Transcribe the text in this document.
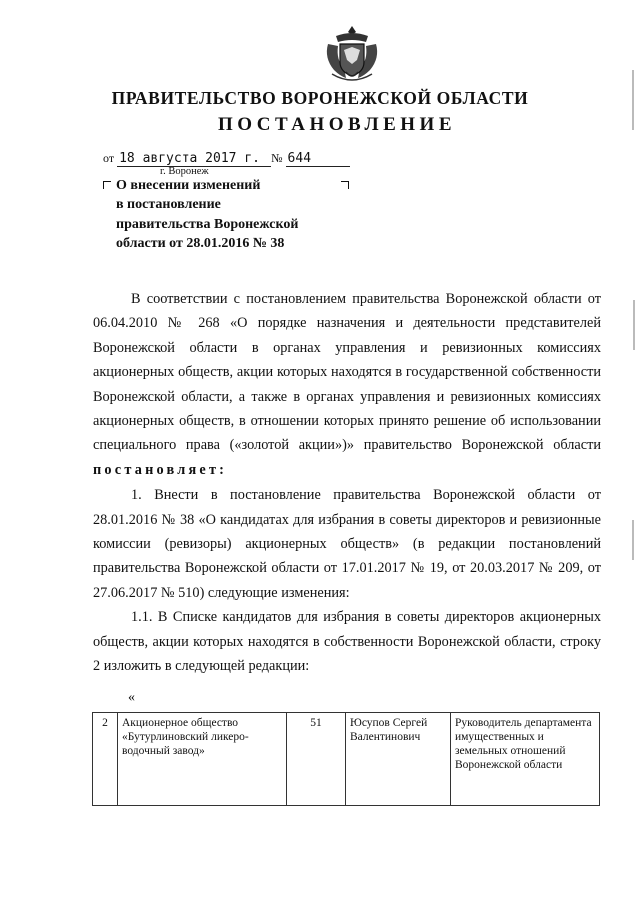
ПРАВИТЕЛЬСТВО ВОРОНЕЖСКОЙ ОБЛАСТИ
ПОСТАНОВЛЕНИЕ
от 18 августа 2017 г. № 644
г. Воронеж
О внесении изменений
в постановление
правительства Воронежской
области от 28.01.2016 № 38

В соответствии с постановлением правительства Воронежской области от 06.04.2010 № 268 «О порядке назначения и деятельности представителей Воронежской области в органах управления и ревизионных комиссиях акционерных обществ, акции которых находятся в государственной собственности Воронежской области, а также в органах управления и ревизионных комиссиях акционерных обществ, в отношении которых принято решение об использовании специального права («золотой акции»)» правительство Воронежской области постановляет:

1. Внести в постановление правительства Воронежской области от 28.01.2016 № 38 «О кандидатах для избрания в советы директоров и ревизионные комиссии (ревизоры) акционерных обществ» (в редакции постановлений правительства Воронежской области от 17.01.2017 № 19, от 20.03.2017 № 209, от 27.06.2017 № 510) следующие изменения:

1.1. В Списке кандидатов для избрания в советы директоров акционерных обществ, акции которых находятся в собственности Воронежской области, строку 2 изложить в следующей редакции:

«
2	Акционерное общество «Бутурлиновский ликеро-водочный завод»	51	Юсупов Сергей Валентинович	Руководитель департамента имущественных и земельных отношений Воронежской области
